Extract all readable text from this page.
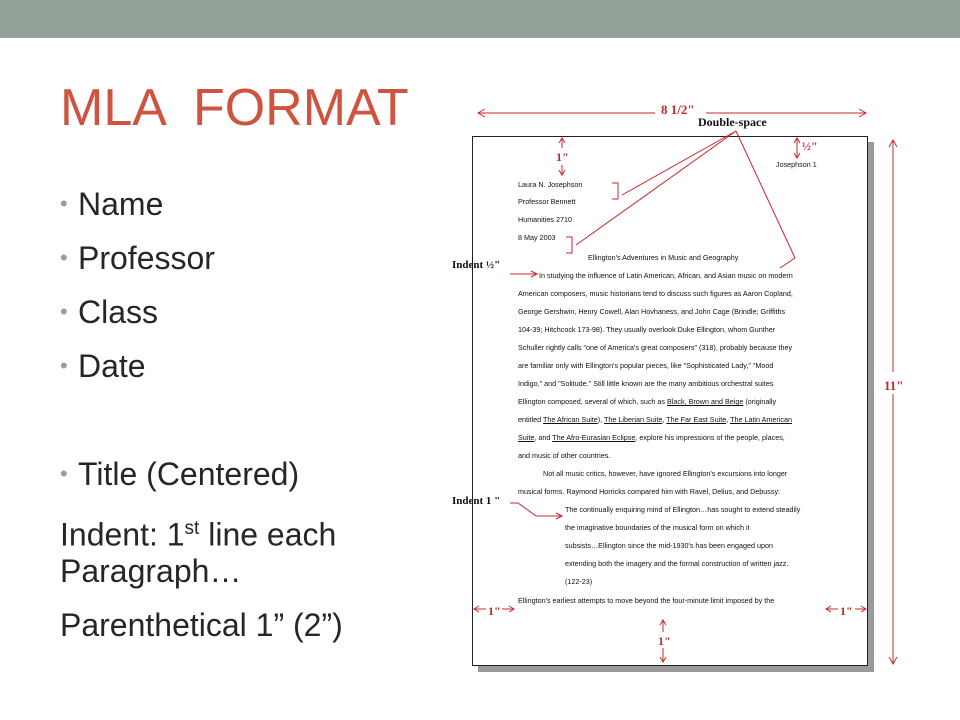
MLA  FORMAT
• Name
• Professor
• Class
• Date
• Title (Centered)
Indent: 1st line each
Paragraph…
Parenthetical 1” (2”)
Josephson 1
Laura N. Josephson
Professor Bennett
Humanities 2710
8 May 2003
Ellington's Adventures in Music and Geography
In studying the influence of Latin American, African, and Asian music on modern
American composers, music historians tend to discuss such figures as Aaron Copland,
George Gershwin, Henry Cowell, Alan Hovhaness, and John Cage (Brindle; Griffiths
104-39; Hitchcock 173-98). They usually overlook Duke Ellington, whom Gunther
Schuller rightly calls "one of America's great composers" (318), probably because they
are familiar only with Ellington's popular pieces, like "Sophisticated Lady," "Mood
Indigo," and "Solitude." Still little known are the many ambitious orchestral suites
Ellington composed, several of which, such as Black, Brown and Beige (originally
entitled The African Suite), The Liberian Suite, The Far East Suite, The Latin American
Suite, and The Afro-Eurasian Eclipse, explore his impressions of the people, places,
and music of other countries.
Not all music critics, however, have ignored Ellington's excursions into longer
musical forms. Raymond Horricks compared him with Ravel, Delius, and Debussy:
The continually enquiring mind of Ellington…has sought to extend steadily
the imaginative boundaries of the musical form on which it
subsists…Ellington since the mid-1930's has been engaged upon
extending both the imagery and the formal construction of written jazz.
(122-23)
Ellington's earliest attempts to move beyond the four-minute limit imposed by the
8 1/2"
Double-space
½"
1"
11"
Indent ½"
Indent 1 "
1"	1"
1"
